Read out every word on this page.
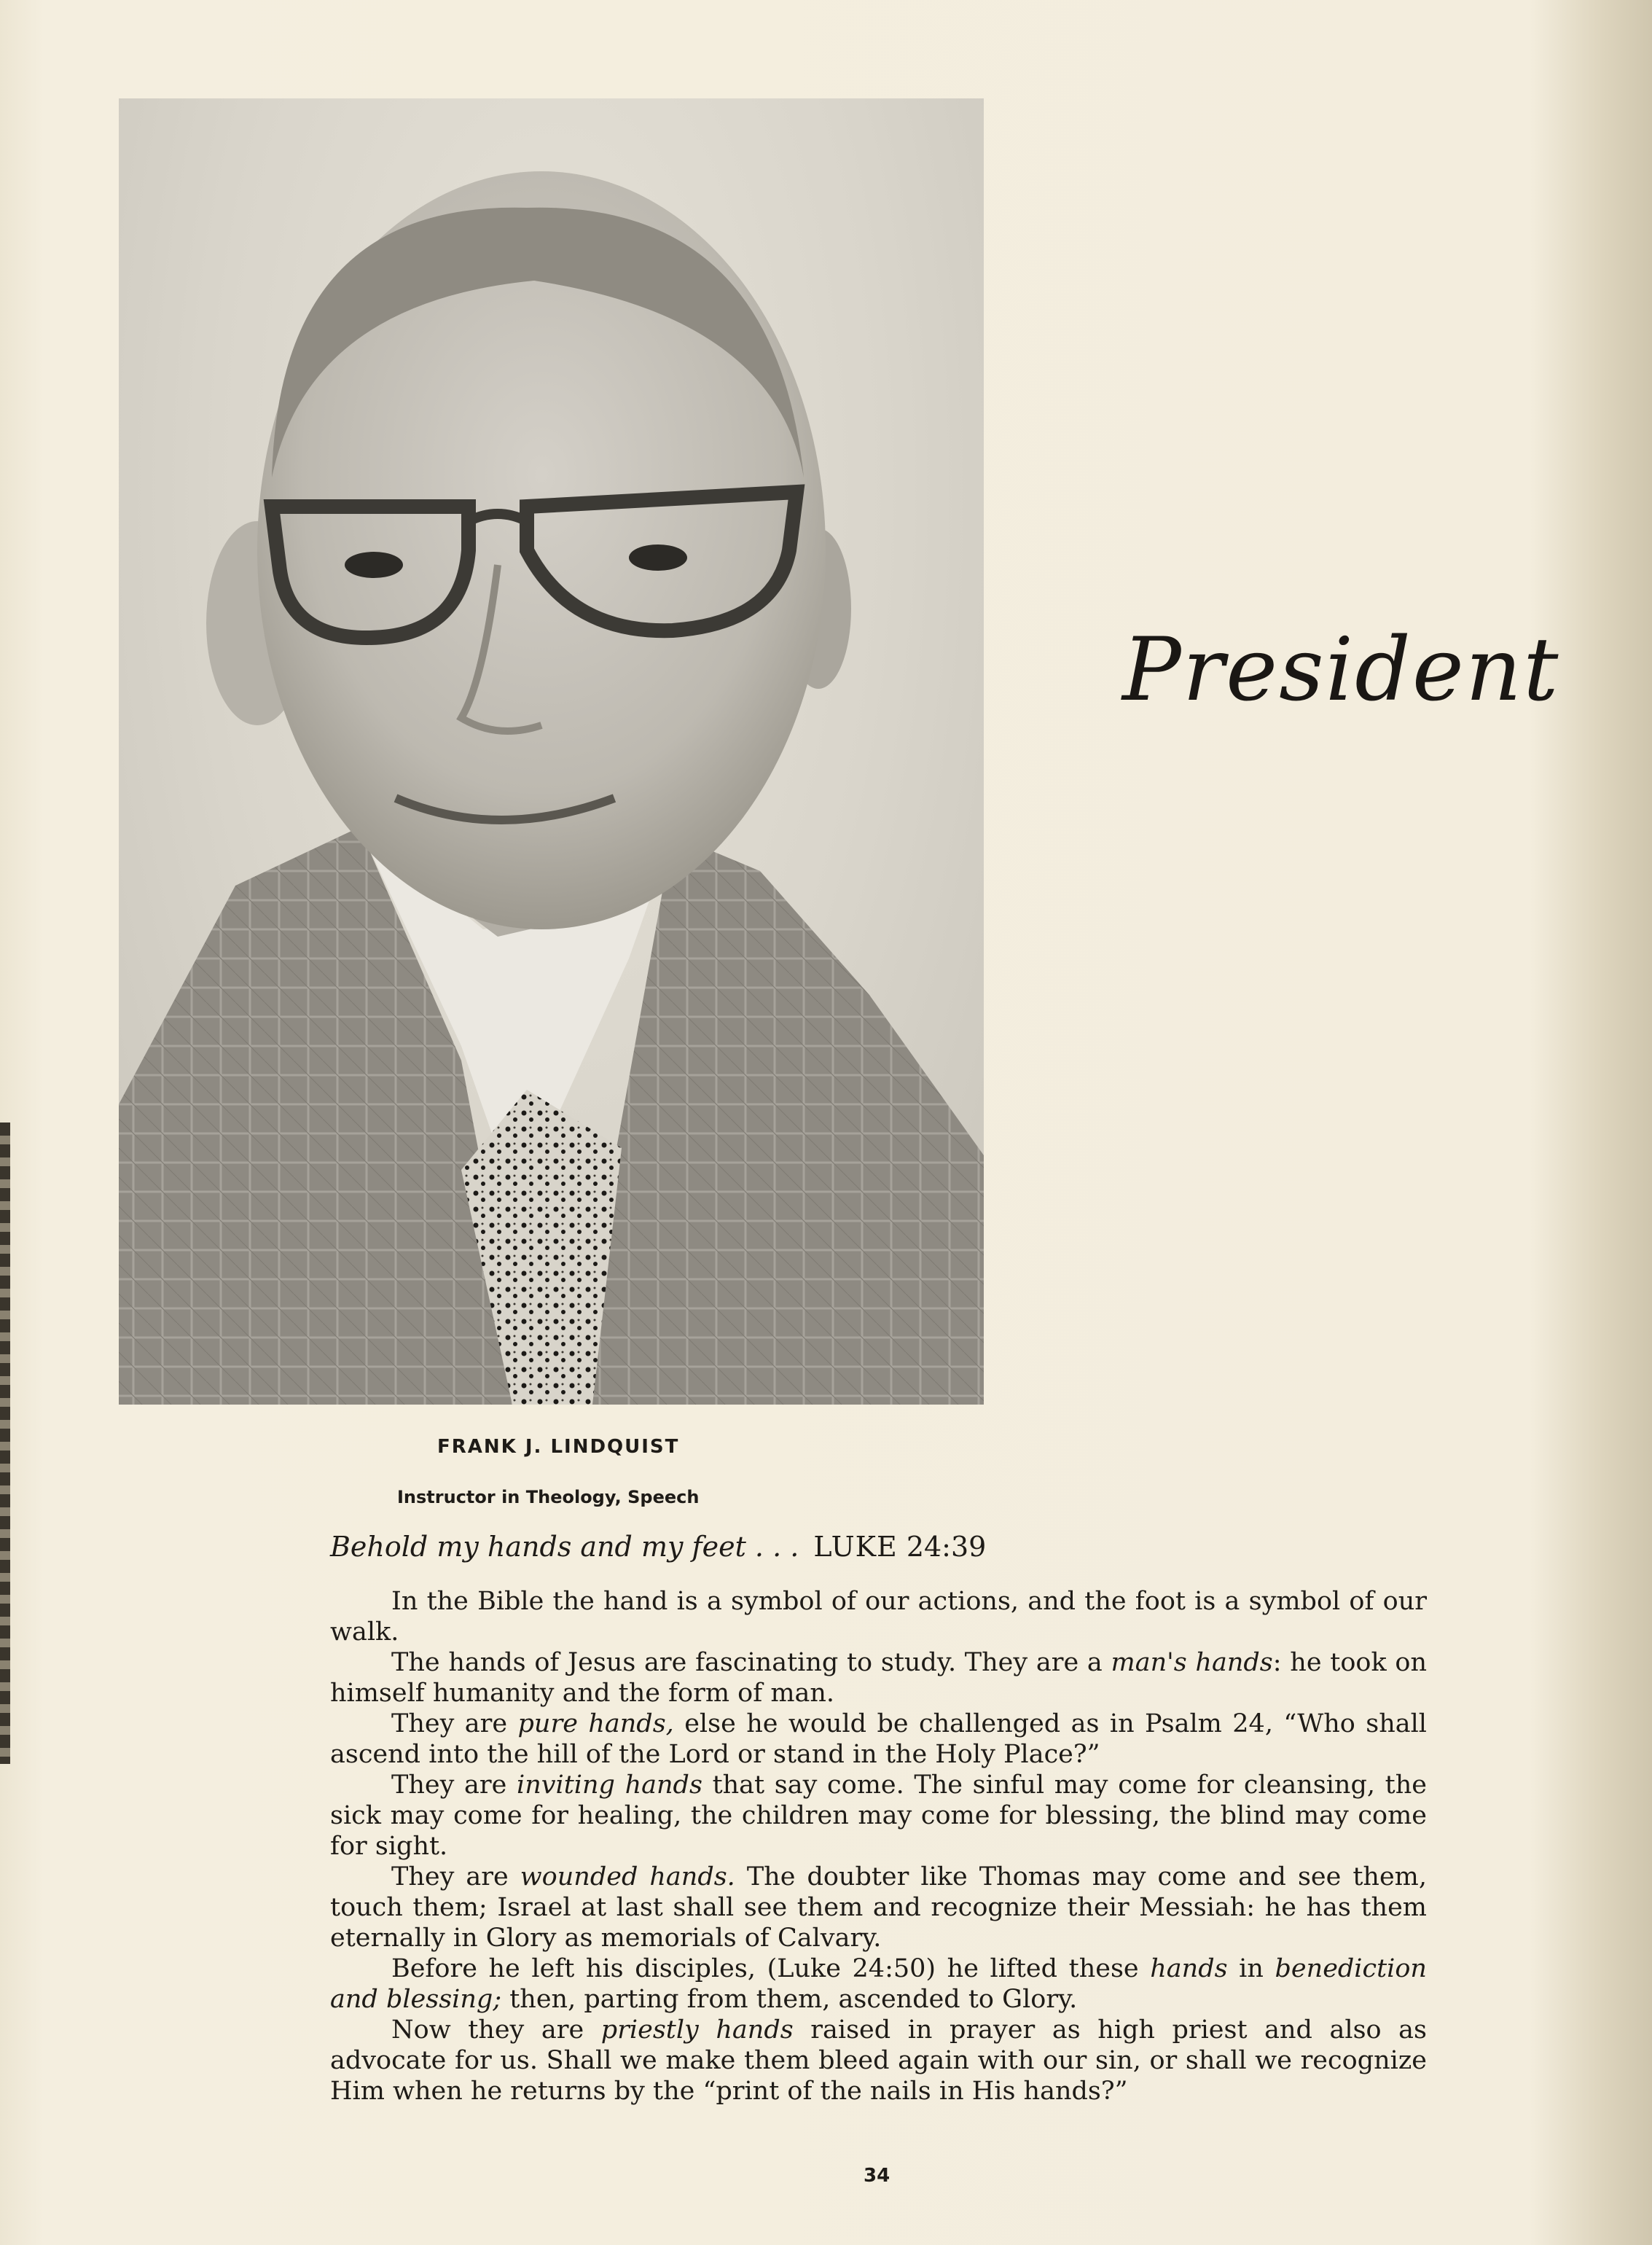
President
FRANK J. LINDQUIST
Instructor in Theology, Speech
Behold my hands and my feet . . . LUKE 24:39

In the Bible the hand is a symbol of our actions, and the foot is a symbol of our walk.

The hands of Jesus are fascinating to study. They are a man's hands: he took on himself humanity and the form of man.

They are pure hands, else he would be challenged as in Psalm 24, “Who shall ascend into the hill of the Lord or stand in the Holy Place?”

They are inviting hands that say come. The sinful may come for cleansing, the sick may come for healing, the children may come for blessing, the blind may come for sight.

They are wounded hands. The doubter like Thomas may come and see them, touch them; Israel at last shall see them and recognize their Messiah: he has them eternally in Glory as memorials of Calvary.

Before he left his disciples, (Luke 24:50) he lifted these hands in benediction and blessing; then, parting from them, ascended to Glory.

Now they are priestly hands raised in prayer as high priest and also as advocate for us. Shall we make them bleed again with our sin, or shall we recognize Him when he returns by the “print of the nails in His hands?”

34
